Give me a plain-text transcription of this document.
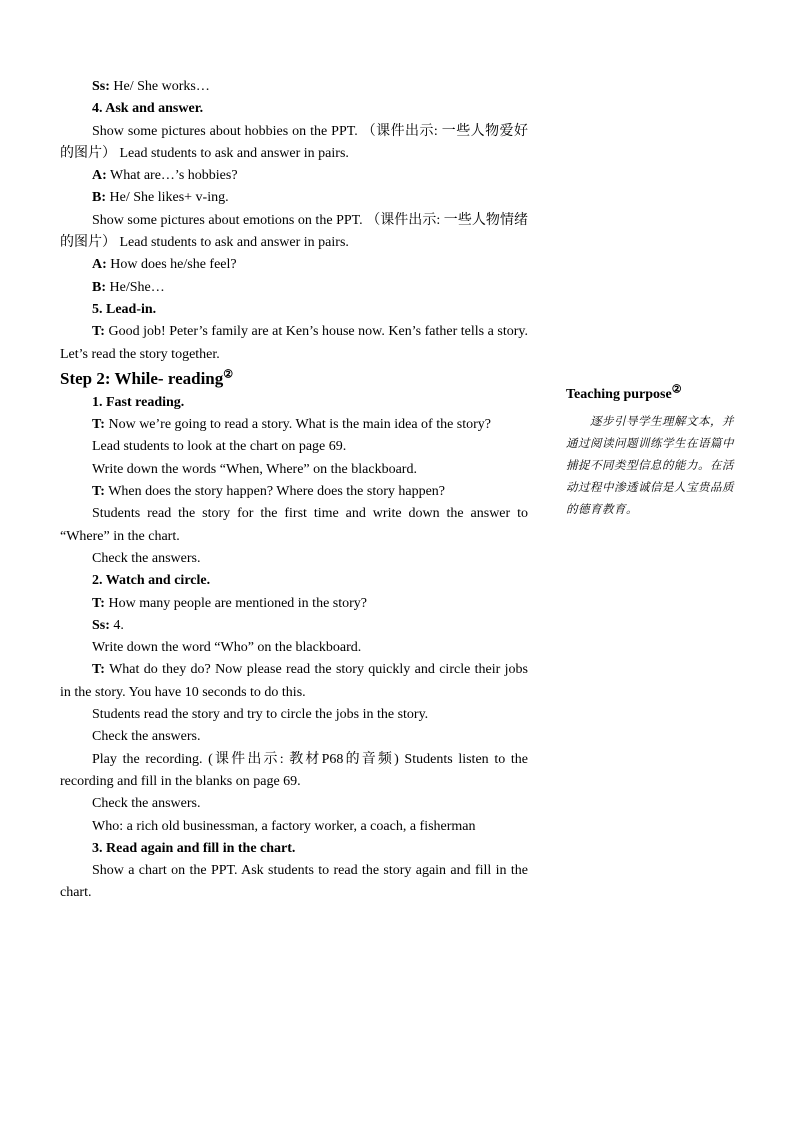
Ss: He/ She works…

4. Ask and answer.

Show some pictures about hobbies on the PPT. （课件出示: 一些人物爱好的图片） Lead students to ask and answer in pairs.

A: What are…’s hobbies?

B: He/ She likes+ v-ing.

Show some pictures about emotions on the PPT. （课件出示: 一些人物情绪的图片） Lead students to ask and answer in pairs.

A: How does he/she feel?

B: He/She…

5. Lead-in.

T: Good job! Peter’s family are at Ken’s house now. Ken’s father tells a story. Let’s read the story together.

Step 2: While- reading②

1. Fast reading.

T: Now we’re going to read a story. What is the main idea of the story?

Lead students to look at the chart on page 69.

Write down the words “When, Where” on the blackboard.

T: When does the story happen? Where does the story happen?

Students read the story for the first time and write down the answer to “Where” in the chart.

Check the answers.

2. Watch and circle.

T: How many people are mentioned in the story?

Ss: 4.

Write down the word “Who” on the blackboard.

T: What do they do? Now please read the story quickly and circle their jobs in the story. You have 10 seconds to do this.

Students read the story and try to circle the jobs in the story.

Check the answers.

Play the recording. (课件出示: 教材P68的音频) Students listen to the recording and fill in the blanks on page 69.

Check the answers.

Who: a rich old businessman, a factory worker, a coach, a fisherman

3. Read again and fill in the chart.

Show a chart on the PPT. Ask students to read the story again and fill in the chart.

Teaching purpose②

逐步引导学生理解文本，并通过阅读问题训练学生在语篇中捕捉不同类型信息的能力。在活动过程中渗透诚信是人宝贵品质的德育教育。
